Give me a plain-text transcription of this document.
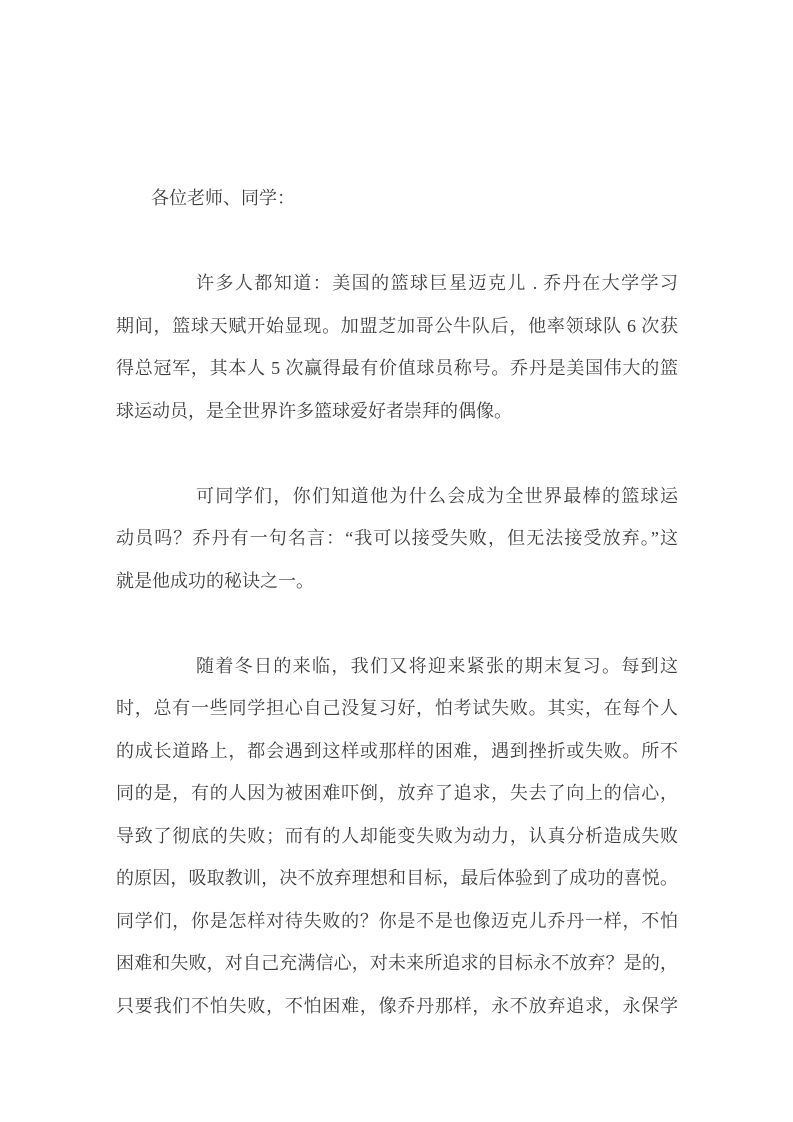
各位老师、同学：
许多人都知道：美国的篮球巨星迈克儿 . 乔丹在大学学习
期间，篮球天赋开始显现。加盟芝加哥公牛队后，他率领球队 6 次获
得总冠军，其本人 5 次赢得最有价值球员称号。乔丹是美国伟大的篮
球运动员，是全世界许多篮球爱好者崇拜的偶像。
可同学们，你们知道他为什么会成为全世界最棒的篮球运
动员吗？乔丹有一句名言：“我可以接受失败，但无法接受放弃。”这
就是他成功的秘诀之一。
随着冬日的来临，我们又将迎来紧张的期末复习。每到这
时，总有一些同学担心自己没复习好，怕考试失败。其实，在每个人
的成长道路上，都会遇到这样或那样的困难，遇到挫折或失败。所不
同的是，有的人因为被困难吓倒，放弃了追求，失去了向上的信心，
导致了彻底的失败；而有的人却能变失败为动力，认真分析造成失败
的原因，吸取教训，决不放弃理想和目标，最后体验到了成功的喜悦。
同学们，你是怎样对待失败的？你是不是也像迈克儿乔丹一样，不怕
困难和失败，对自己充满信心，对未来所追求的目标永不放弃？是的，
只要我们不怕失败，不怕困难，像乔丹那样，永不放弃追求，永保学
